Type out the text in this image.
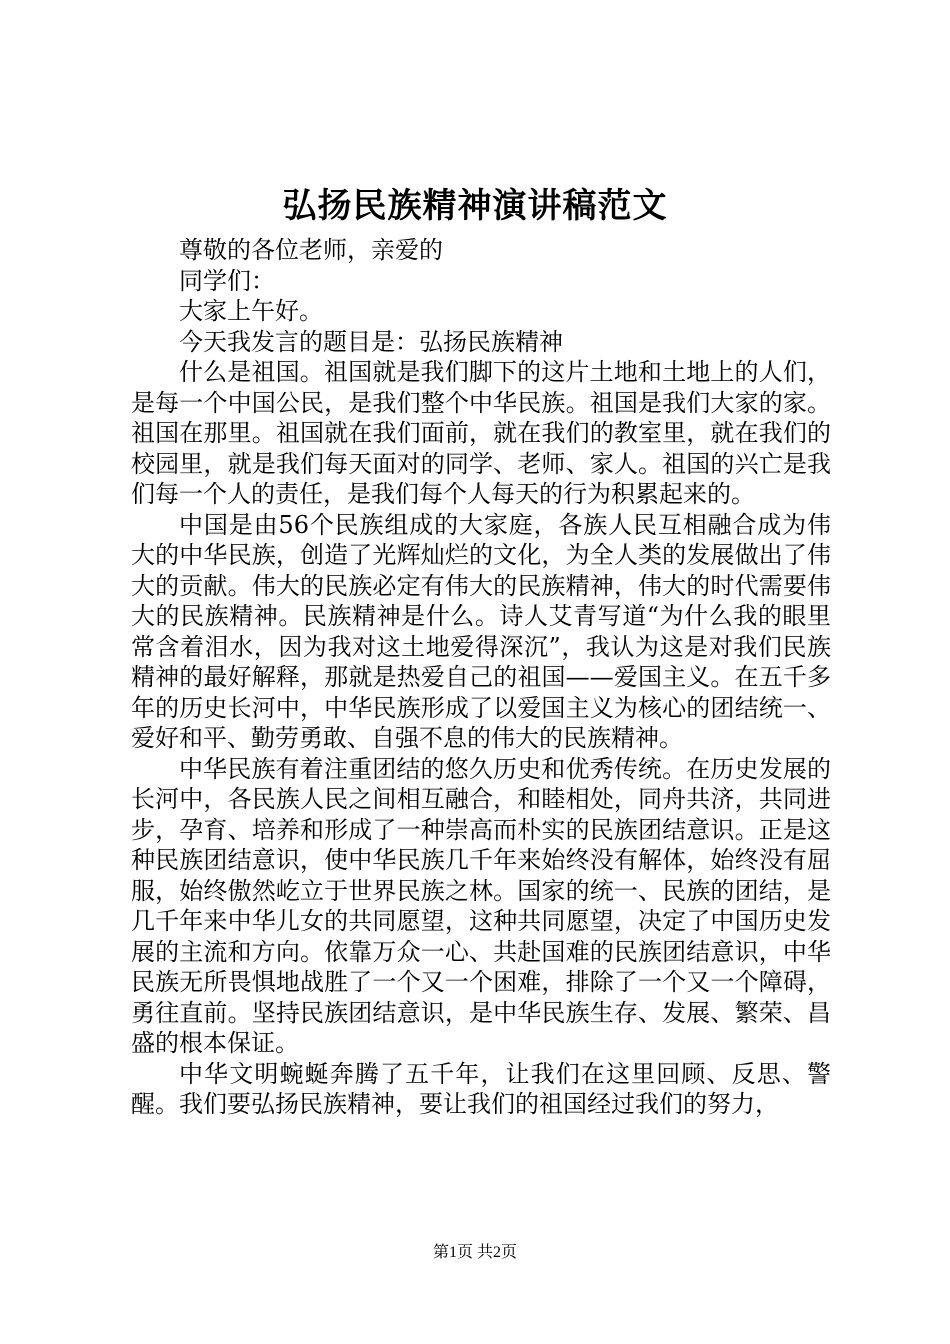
弘扬民族精神演讲稿范文

尊敬的各位老师，亲爱的

同学们：

大家上午好。

今天我发言的题目是：弘扬民族精神

什么是祖国。祖国就是我们脚下的这片土地和土地上的人们，是每一个中国公民，是我们整个中华民族。祖国是我们大家的家。祖国在那里。祖国就在我们面前，就在我们的教室里，就在我们的校园里，就是我们每天面对的同学、老师、家人。祖国的兴亡是我们每一个人的责任，是我们每个人每天的行为积累起来的。

中国是由56个民族组成的大家庭，各族人民互相融合成为伟大的中华民族，创造了光辉灿烂的文化，为全人类的发展做出了伟大的贡献。伟大的民族必定有伟大的民族精神，伟大的时代需要伟大的民族精神。民族精神是什么。诗人艾青写道“为什么我的眼里常含着泪水，因为我对这土地爱得深沉”，我认为这是对我们民族精神的最好解释，那就是热爱自己的祖国——爱国主义。在五千多年的历史长河中，中华民族形成了以爱国主义为核心的团结统一、爱好和平、勤劳勇敢、自强不息的伟大的民族精神。

中华民族有着注重团结的悠久历史和优秀传统。在历史发展的长河中，各民族人民之间相互融合，和睦相处，同舟共济，共同进步，孕育、培养和形成了一种崇高而朴实的民族团结意识。正是这种民族团结意识，使中华民族几千年来始终没有解体，始终没有屈服，始终傲然屹立于世界民族之林。国家的统一、民族的团结，是几千年来中华儿女的共同愿望，这种共同愿望，决定了中国历史发展的主流和方向。依靠万众一心、共赴国难的民族团结意识，中华民族无所畏惧地战胜了一个又一个困难，排除了一个又一个障碍，勇往直前。坚持民族团结意识，是中华民族生存、发展、繁荣、昌盛的根本保证。

中华文明蜿蜒奔腾了五千年，让我们在这里回顾、反思、警醒。我们要弘扬民族精神，要让我们的祖国经过我们的努力，

第1页 共2页
